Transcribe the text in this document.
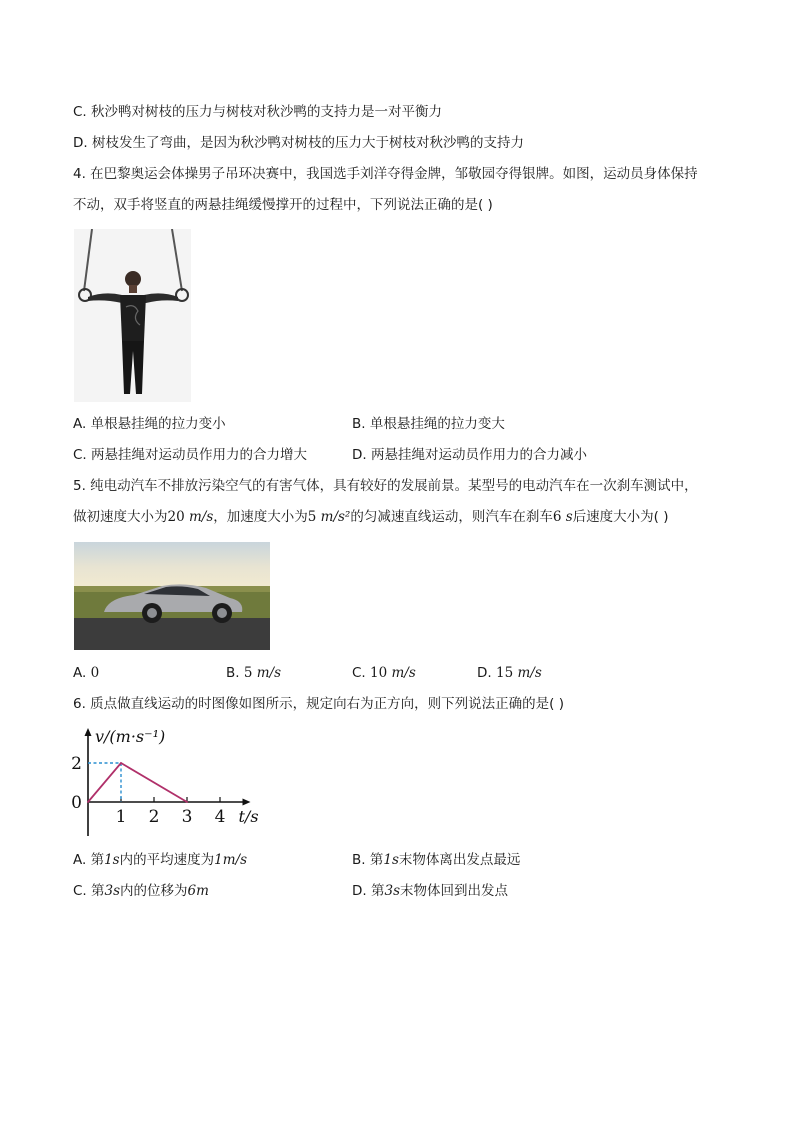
C. 秋沙鸭对树枝的压力与树枝对秋沙鸭的支持力是一对平衡力
D. 树枝发生了弯曲，是因为秋沙鸭对树枝的压力大于树枝对秋沙鸭的支持力
4. 在巴黎奥运会体操男子吊环决赛中，我国选手刘洋夺得金牌，邹敬园夺得银牌。如图，运动员身体保持
不动，双手将竖直的两悬挂绳缓慢撑开的过程中，下列说法正确的是( )
A. 单根悬挂绳的拉力变小	B. 单根悬挂绳的拉力变大
C. 两悬挂绳对运动员作用力的合力增大	D. 两悬挂绳对运动员作用力的合力减小
5. 纯电动汽车不排放污染空气的有害气体，具有较好的发展前景。某型号的电动汽车在一次刹车测试中，
做初速度大小为20 m/s，加速度大小为5 m/s²的匀减速直线运动，则汽车在刹车6 s后速度大小为( )
A. 0	B. 5 m/s	C. 10 m/s	D. 15 m/s
6. 质点做直线运动的时图像如图所示，规定向右为正方向，则下列说法正确的是( )
1 2 3 4
0
2
v/(m·s⁻¹)
t/s
A. 第1s内的平均速度为1m/s	B. 第1s末物体离出发点最远
C. 第3s内的位移为6m	D. 第3s末物体回到出发点
